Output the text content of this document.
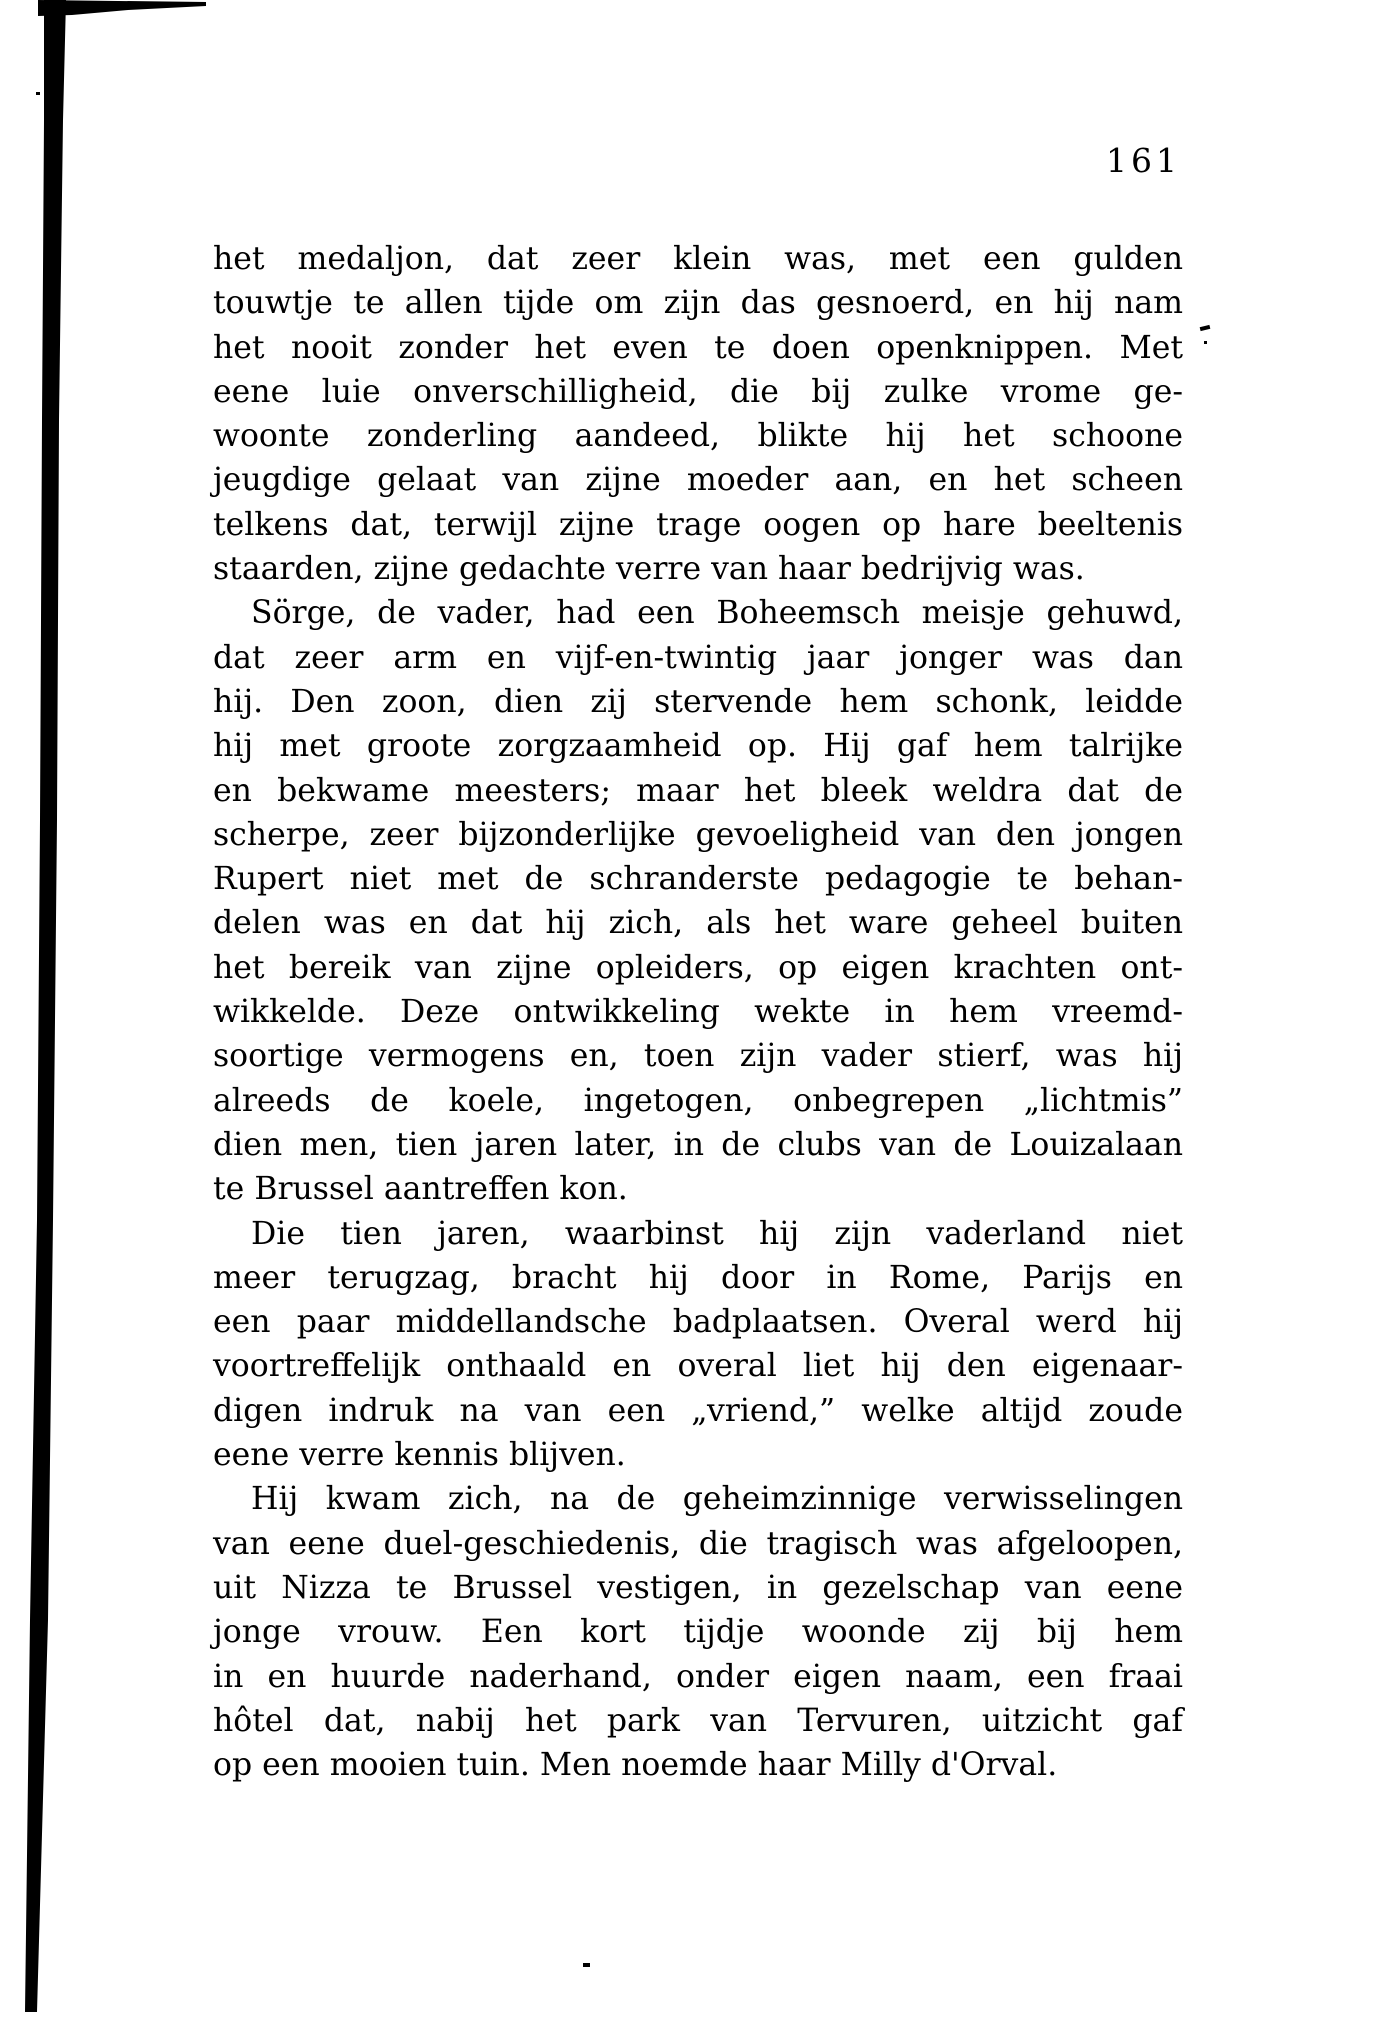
161
het medaljon, dat zeer klein was, met een gulden
touwtje te allen tijde om zijn das gesnoerd, en hij nam
het nooit zonder het even te doen openknippen. Met
eene luie onverschilligheid, die bij zulke vrome ge-
woonte zonderling aandeed, blikte hij het schoone
jeugdige gelaat van zijne moeder aan, en het scheen
telkens dat, terwijl zijne trage oogen op hare beeltenis
staarden, zijne gedachte verre van haar bedrijvig was.
Sörge, de vader, had een Boheemsch meisje gehuwd,
dat zeer arm en vijf-en-twintig jaar jonger was dan
hij. Den zoon, dien zij stervende hem schonk, leidde
hij met groote zorgzaamheid op. Hij gaf hem talrijke
en bekwame meesters; maar het bleek weldra dat de
scherpe, zeer bijzonderlijke gevoeligheid van den jongen
Rupert niet met de schranderste pedagogie te behan-
delen was en dat hij zich, als het ware geheel buiten
het bereik van zijne opleiders, op eigen krachten ont-
wikkelde. Deze ontwikkeling wekte in hem vreemd-
soortige vermogens en, toen zijn vader stierf, was hij
alreeds de koele, ingetogen, onbegrepen „lichtmis”
dien men, tien jaren later, in de clubs van de Louizalaan
te Brussel aantreffen kon.
Die tien jaren, waarbinst hij zijn vaderland niet
meer terugzag, bracht hij door in Rome, Parijs en
een paar middellandsche badplaatsen. Overal werd hij
voortreffelijk onthaald en overal liet hij den eigenaar-
digen indruk na van een „vriend,” welke altijd zoude
eene verre kennis blijven.
Hij kwam zich, na de geheimzinnige verwisselingen
van eene duel-geschiedenis, die tragisch was afgeloopen,
uit Nizza te Brussel vestigen, in gezelschap van eene
jonge vrouw. Een kort tijdje woonde zij bij hem
in en huurde naderhand, onder eigen naam, een fraai
hôtel dat, nabij het park van Tervuren, uitzicht gaf
op een mooien tuin. Men noemde haar Milly d'Orval.
